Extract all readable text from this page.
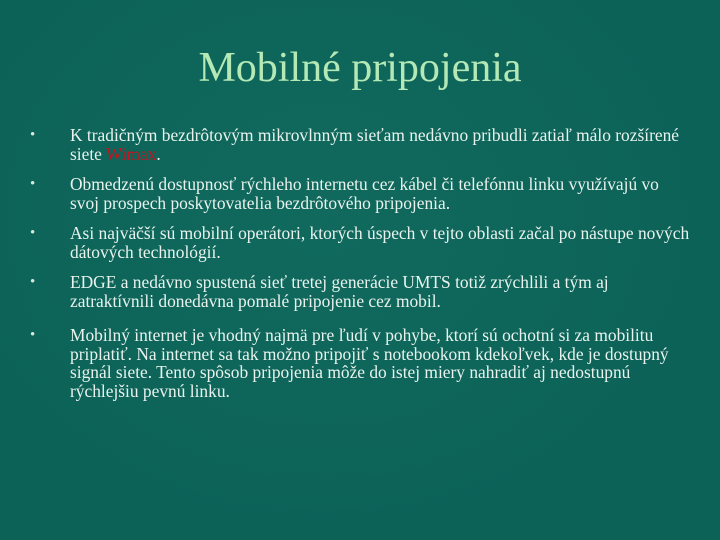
Mobilné pripojenia
•	K tradičným bezdrôtovým mikrovlnným sieťam nedávno pribudli zatiaľ málo rozšírené siete Wimax.
•	Obmedzenú dostupnosť rýchleho internetu cez kábel či telefónnu linku využívajú vo svoj prospech poskytovatelia bezdrôtového pripojenia.
•	Asi najväčší sú mobilní operátori, ktorých úspech v tejto oblasti začal po nástupe nových dátových technológií.
•	EDGE a nedávno spustená sieť tretej generácie UMTS totiž zrýchlili a tým aj zatraktívnili donedávna pomalé pripojenie cez mobil.
•	Mobilný internet je vhodný najmä pre ľudí v pohybe, ktorí sú ochotní si za mobilitu priplatiť. Na internet sa tak možno pripojiť s notebookom kdekoľvek, kde je dostupný signál siete. Tento spôsob pripojenia môže do istej miery nahradiť aj nedostupnú rýchlejšiu pevnú linku.
